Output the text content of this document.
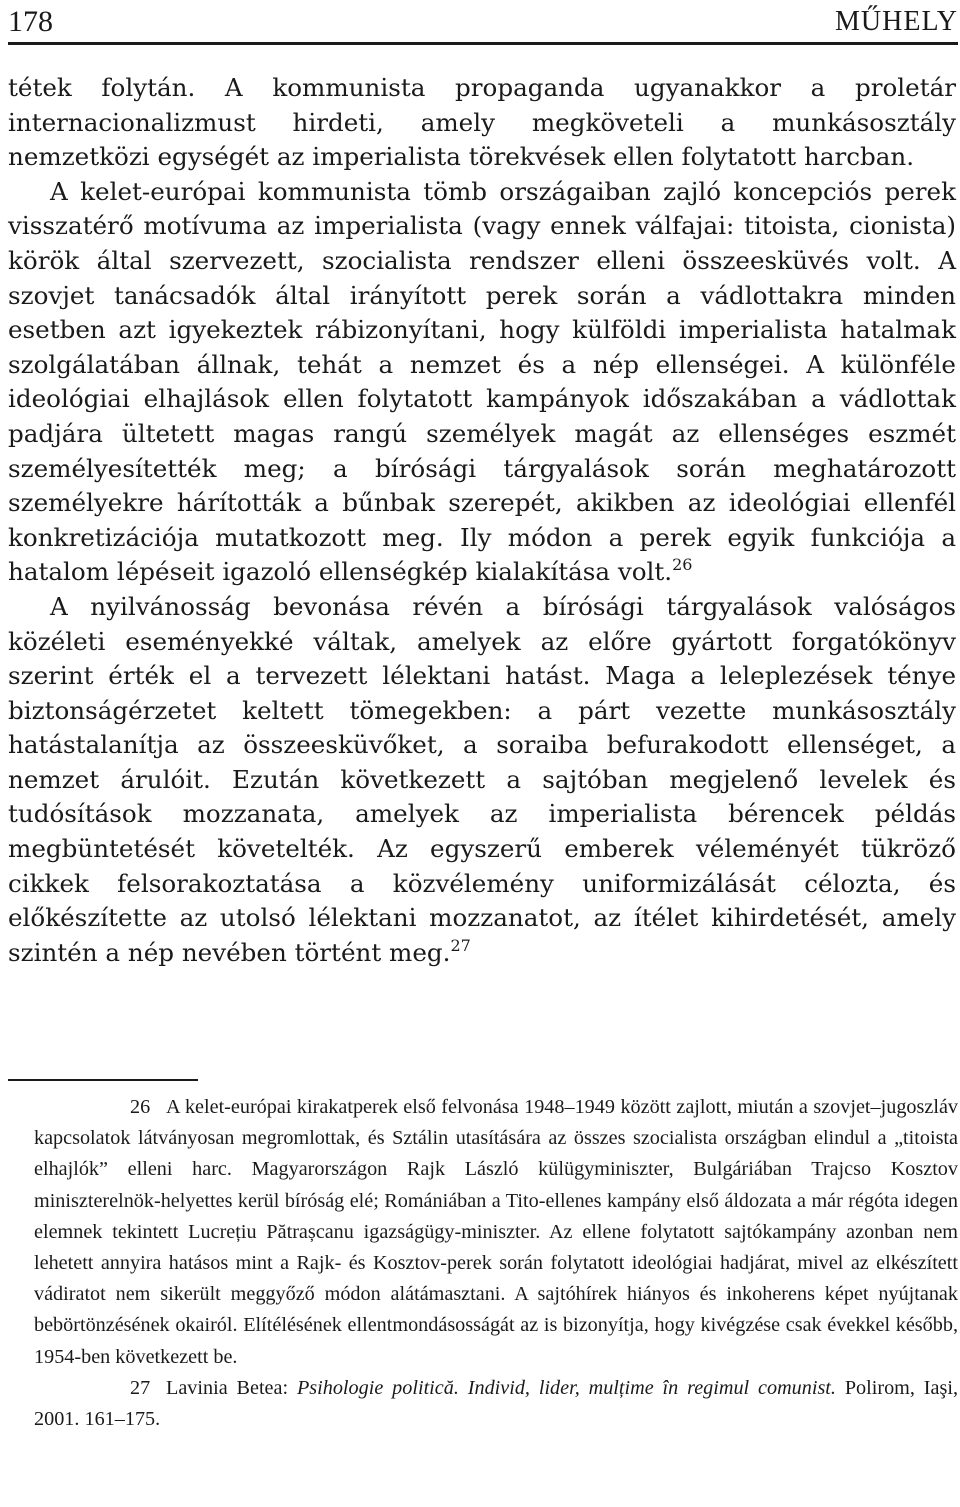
178	MŰHELY

tétek folytán. A kommunista propaganda ugyanakkor a proletár internacionalizmust hirdeti, amely megköveteli a munkásosztály nemzetközi egységét az imperialista törekvések ellen folytatott harcban.

A kelet-európai kommunista tömb országaiban zajló koncepciós perek visszatérő motívuma az imperialista (vagy ennek válfajai: titoista, cionista) körök által szervezett, szocialista rendszer elleni összeesküvés volt. A szovjet tanácsadók által irányított perek során a vádlottakra minden esetben azt igyekeztek rábizonyítani, hogy külföldi imperialista hatalmak szolgálatában állnak, tehát a nemzet és a nép ellenségei. A különféle ideológiai elhajlások ellen folytatott kampányok időszakában a vádlottak padjára ültetett magas rangú személyek magát az ellenséges eszmét személyesítették meg; a bírósági tárgyalások során meghatározott személyekre hárították a bűnbak szerepét, akikben az ideológiai ellenfél konkretizációja mutatkozott meg. Ily módon a perek egyik funkciója a hatalom lépéseit igazoló ellenségkép kialakítása volt.$^{26}$

A nyilvánosság bevonása révén a bírósági tárgyalások valóságos közéleti eseményekké váltak, amelyek az előre gyártott forgatókönyv szerint érték el a tervezett lélektani hatást. Maga a leleplezések ténye biztonságérzetet keltett tömegekben: a párt vezette munkásosztály hatástalanítja az összeesküvőket, a soraiba befurakodott ellenséget, a nemzet árulóit. Ezután következett a sajtóban megjelenő levelek és tudósítások mozzanata, amelyek az imperialista bérencek példás megbüntetését követelték. Az egyszerű emberek véleményét tükröző cikkek felsorakoztatása a közvélemény uniformizálását célozta, és előkészítette az utolsó lélektani mozzanatot, az ítélet kihirdetését, amely szintén a nép nevében történt meg.$^{27}$

26 A kelet-európai kirakatperek első felvonása 1948–1949 között zajlott, miután a szovjet–jugoszláv kapcsolatok látványosan megromlottak, és Sztálin utasítására az összes szocialista országban elindul a „titoista elhajlók” elleni harc. Magyarországon Rajk László külügyminiszter, Bulgáriában Trajcso Kosztov miniszterelnök-helyettes kerül bíróság elé; Romániában a Tito-ellenes kampány első áldozata a már régóta idegen elemnek tekintett Lucrețiu Pătrașcanu igazságügy-miniszter. Az ellene folytatott sajtókampány azonban nem lehetett annyira hatásos mint a Rajk- és Kosztov-perek során folytatott ideológiai hadjárat, mivel az elkészített vádiratot nem sikerült meggyőző módon alátámasztani. A sajtóhírek hiányos és inkoherens képet nyújtanak bebörtönzésének okairól. Elítélésének ellentmondásosságát az is bizonyítja, hogy kivégzése csak évekkel később, 1954-ben következett be.

27 Lavinia Betea: Psihologie politică. Individ, lider, mulțime în regimul comunist. Polirom, Iaşi, 2001. 161–175.
